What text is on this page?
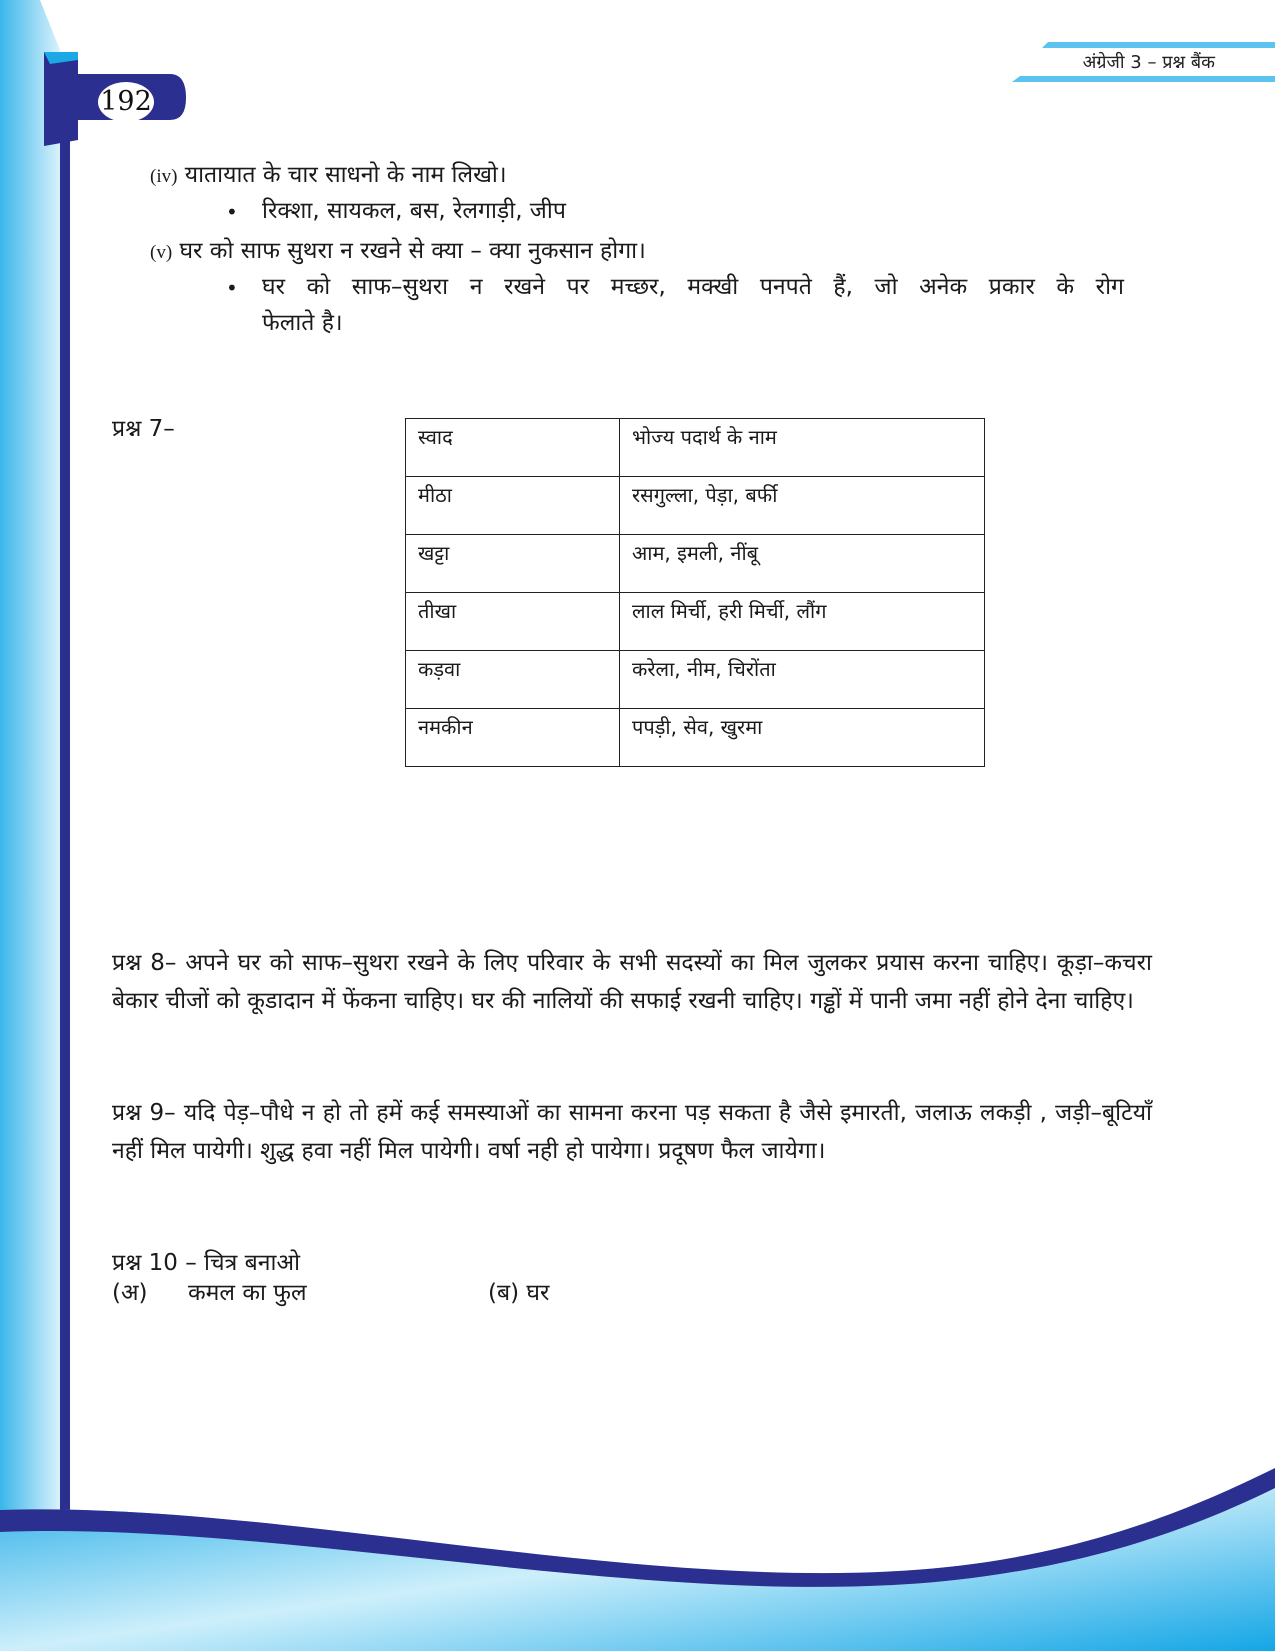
192
अंग्रेजी 3 – प्रश्न बैंक
(iv) यातायात के चार साधनो के नाम लिखो।
• रिक्शा, सायकल, बस, रेलगाड़ी, जीप
(v) घर को साफ सुथरा न रखने से क्या – क्या नुकसान होगा।
• घर को साफ–सुथरा न रखने पर मच्छर, मक्खी पनपते हैं, जो अनेक प्रकार के रोग
फेलाते है।
प्रश्न 7–	स्वाद	भोज्य पदार्थ के नाम
मीठा	रसगुल्ला, पेड़ा, बर्फी
खट्टा	आम, इमली, नींबू
तीखा	लाल मिर्ची, हरी मिर्ची, लौंग
कड़वा	करेला, नीम, चिरोंता
नमकीन	पपड़ी, सेव, खुरमा
प्रश्न 8– अपने घर को साफ–सुथरा रखने के लिए परिवार के सभी सदस्यों का मिल जुलकर प्रयास करना चाहिए। कूड़ा–कचरा बेकार चीजों को कूडादान में फेंकना चाहिए। घर की नालियों की सफाई रखनी चाहिए। गड्ढों में पानी जमा नहीं होने देना चाहिए।
प्रश्न 9– यदि पेड़–पौधे न हो तो हमें कई समस्याओं का सामना करना पड़ सकता है जैसे इमारती, जलाऊ लकड़ी , जड़ी–बूटियाँ नहीं मिल पायेगी। शुद्ध हवा नहीं मिल पायेगी। वर्षा नही हो पायेगा। प्रदूषण फैल जायेगा।
प्रश्न 10 – चित्र बनाओ
(अ) कमल का फुल	(ब) घर
